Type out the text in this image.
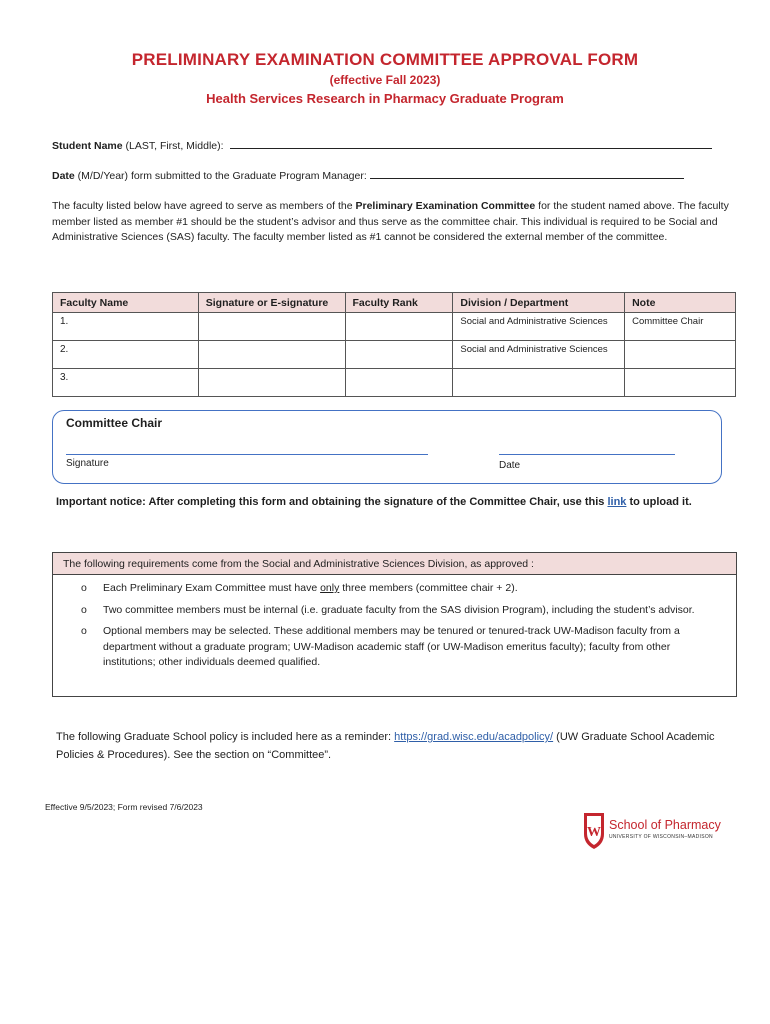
PRELIMINARY EXAMINATION COMMITTEE APPROVAL FORM
(effective Fall 2023)
Health Services Research in Pharmacy Graduate Program
Student Name (LAST, First, Middle):
Date (M/D/Year) form submitted to the Graduate Program Manager:
The faculty listed below have agreed to serve as members of the Preliminary Examination Committee for the student named above. The faculty member listed as member #1 should be the student’s advisor and thus serve as the committee chair. This individual is required to be Social and Administrative Sciences (SAS) faculty. The faculty member listed as #1 cannot be considered the external member of the committee.
Faculty Name	Signature or E-signature	Faculty Rank	Division / Department	Note
1.			Social and Administrative Sciences	Committee Chair
2.			Social and Administrative Sciences	
3.				
Committee Chair
Signature	Date
Important notice: After completing this form and obtaining the signature of the Committee Chair, use this link to upload it.
The following requirements come from the Social and Administrative Sciences Division, as approved :
o Each Preliminary Exam Committee must have only three members (committee chair + 2).
o Two committee members must be internal (i.e. graduate faculty from the SAS division Program), including the student’s advisor.
o Optional members may be selected. These additional members may be tenured or tenured-track UW-Madison faculty from a department without a graduate program; UW-Madison academic staff (or UW-Madison emeritus faculty); faculty from other institutions; other individuals deemed qualified.
The following Graduate School policy is included here as a reminder: https://grad.wisc.edu/acadpolicy/ (UW Graduate School Academic Policies & Procedures). See the section on “Committee”.
Effective 9/5/2023; Form revised 7/6/2023
W School of Pharmacy
UNIVERSITY OF WISCONSIN–MADISON
